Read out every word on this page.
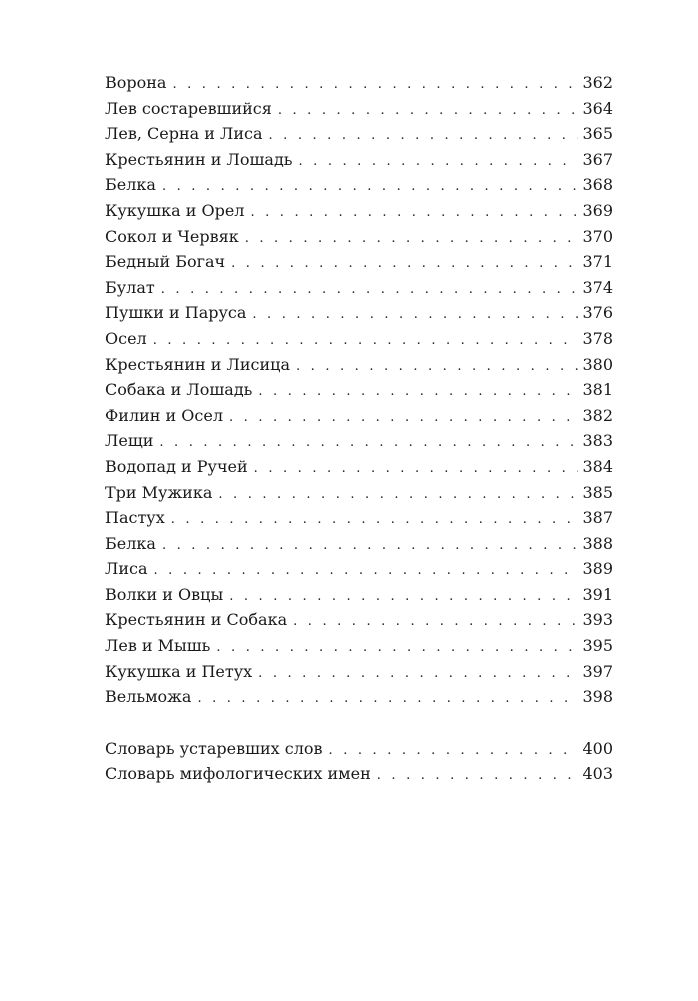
Ворона . . .	362
Лев состаревшийся . . .	364
Лев, Серна и Лиса . . .	365
Крестьянин и Лошадь . . .	367
Белка . . .	368
Кукушка и Орел . . .	369
Сокол и Червяк . . .	370
Бедный Богач . . .	371
Булат . . .	374
Пушки и Паруса . . .	376
Осел . . .	378
Крестьянин и Лисица . . .	380
Собака и Лошадь . . .	381
Филин и Осел . . .	382
Лещи . . .	383
Водопад и Ручей . . .	384
Три Мужика . . .	385
Пастух . . .	387
Белка . . .	388
Лиса . . .	389
Волки и Овцы . . .	391
Крестьянин и Собака . . .	393
Лев и Мышь . . .	395
Кукушка и Петух . . .	397
Вельможа . . .	398
Словарь устаревших слов . . .	400
Словарь мифологических имен . . .	403
